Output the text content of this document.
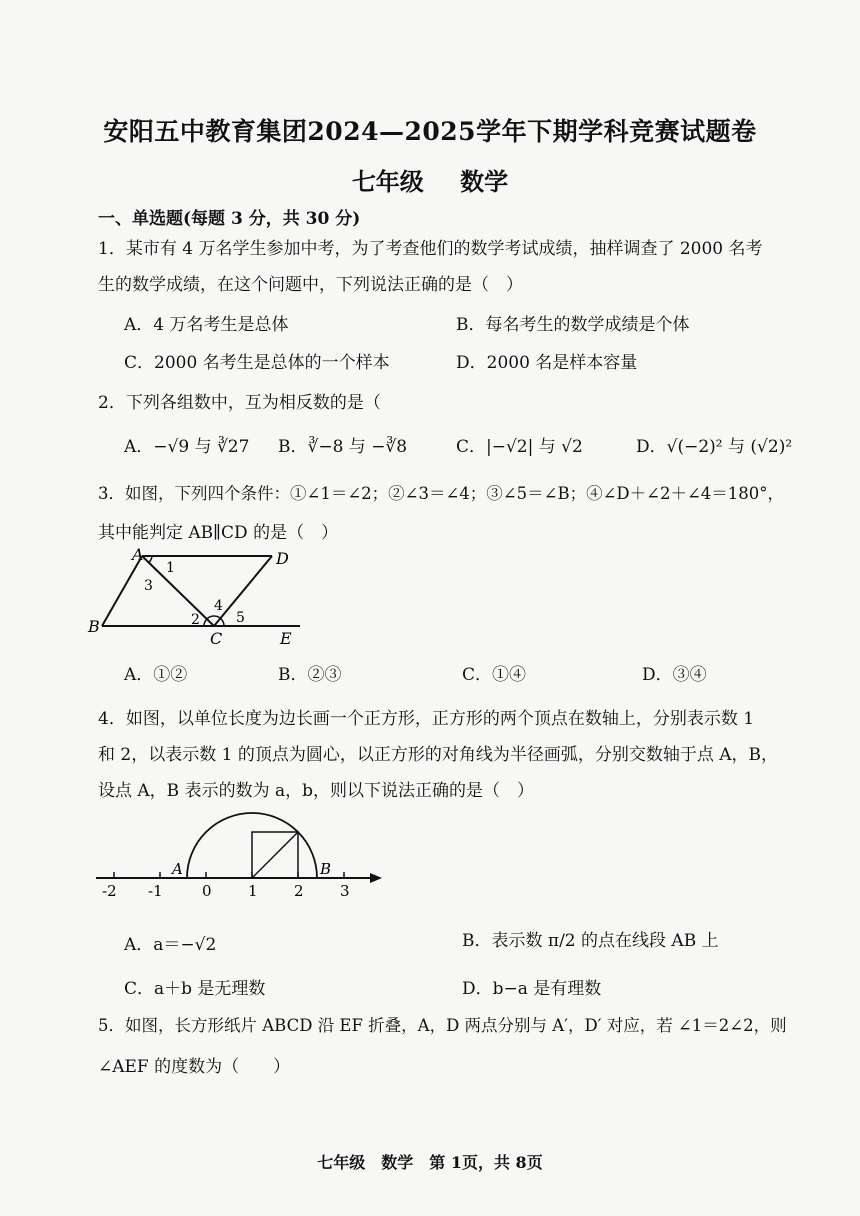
安阳五中教育集团2024—2025学年下期学科竞赛试题卷
七年级 数学
一、单选题(每题 3 分，共 30 分)
1．某市有 4 万名学生参加中考，为了考查他们的数学考试成绩，抽样调查了 2000 名考
生的数学成绩，在这个问题中，下列说法正确的是（　）
A．4 万名考生是总体	B．每名考生的数学成绩是个体
C．2000 名考生是总体的一个样本	D．2000 名是样本容量
2．下列各组数中，互为相反数的是（
A．−√9 与 ∛27 B．∛−8 与 −∛8	C．|−√2| 与 √2	D．√(−2)² 与 (√2)²
3．如图，下列四个条件：①∠1＝∠2；②∠3＝∠4；③∠5＝∠B；④∠D＋∠2＋∠4＝180°，
其中能判定 AB∥CD 的是（　）
A	D
B
C	E
1
3
2
4
5
A．①②	B．②③	C．①④	D．③④
4．如图，以单位长度为边长画一个正方形，正方形的两个顶点在数轴上，分别表示数 1
和 2，以表示数 1 的顶点为圆心，以正方形的对角线为半径画弧，分别交数轴于点 A，B，
设点 A，B 表示的数为 a，b，则以下说法正确的是（　）
-2 -1	0 1 2 3
A	B
A．a＝−√2	B．表示数 π/2 的点在线段 AB 上
C．a＋b 是无理数	D．b−a 是有理数
5．如图，长方形纸片 ABCD 沿 EF 折叠，A，D 两点分别与 A′，D′ 对应，若 ∠1＝2∠2，则
∠AEF 的度数为（　　）
七年级　数学　第 1页，共 8页
